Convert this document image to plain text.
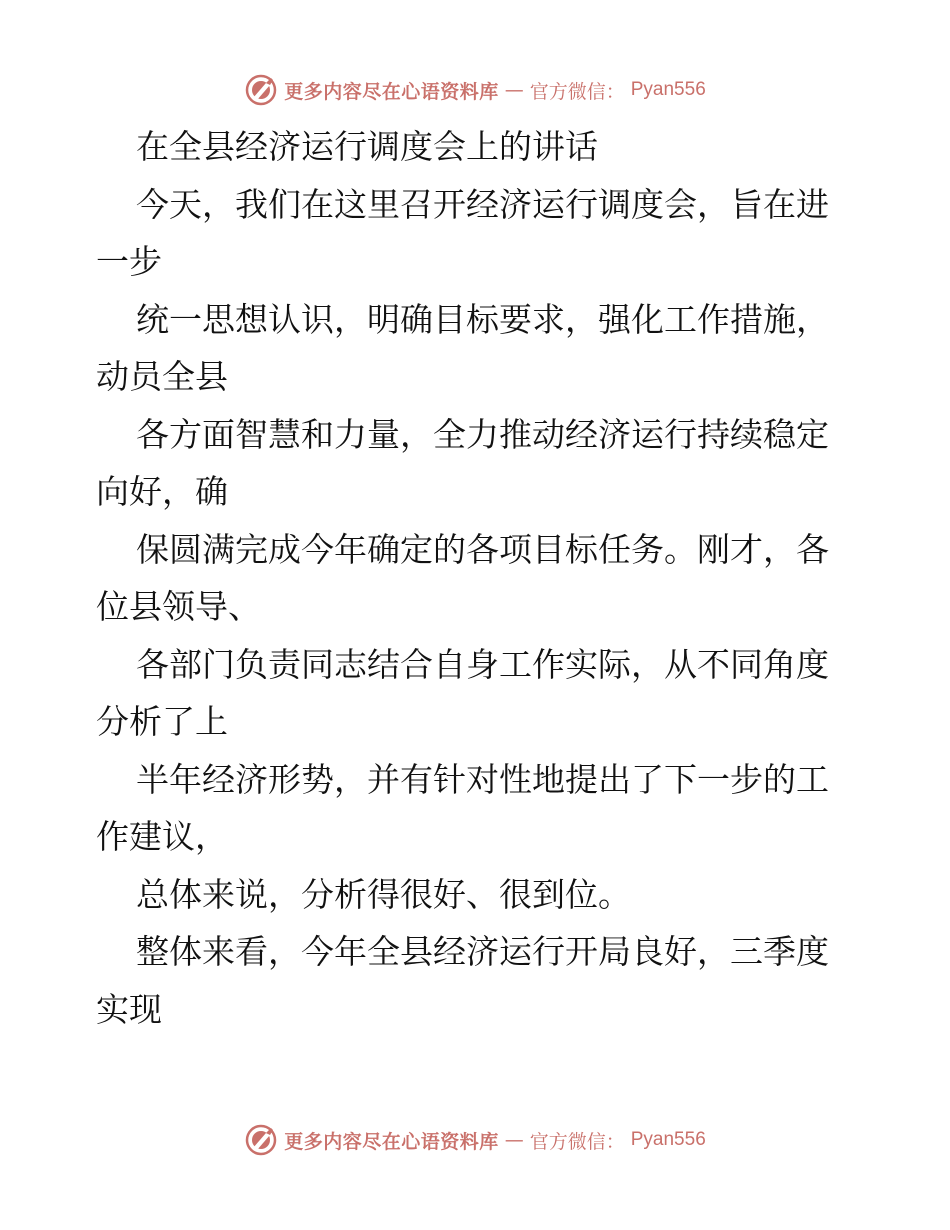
更多内容尽在心语资料库 — 官方微信： Pyan556
在全县经济运行调度会上的讲话
今天，我们在这里召开经济运行调度会，旨在进
一步
统一思想认识，明确目标要求，强化工作措施，
动员全县
各方面智慧和力量，全力推动经济运行持续稳定
向好，确
保圆满完成今年确定的各项目标任务。刚才，各
位县领导、
各部门负责同志结合自身工作实际，从不同角度
分析了上
半年经济形势，并有针对性地提出了下一步的工
作建议，
总体来说，分析得很好、很到位。
整体来看，今年全县经济运行开局良好，三季度
实现
更多内容尽在心语资料库 — 官方微信： Pyan556
